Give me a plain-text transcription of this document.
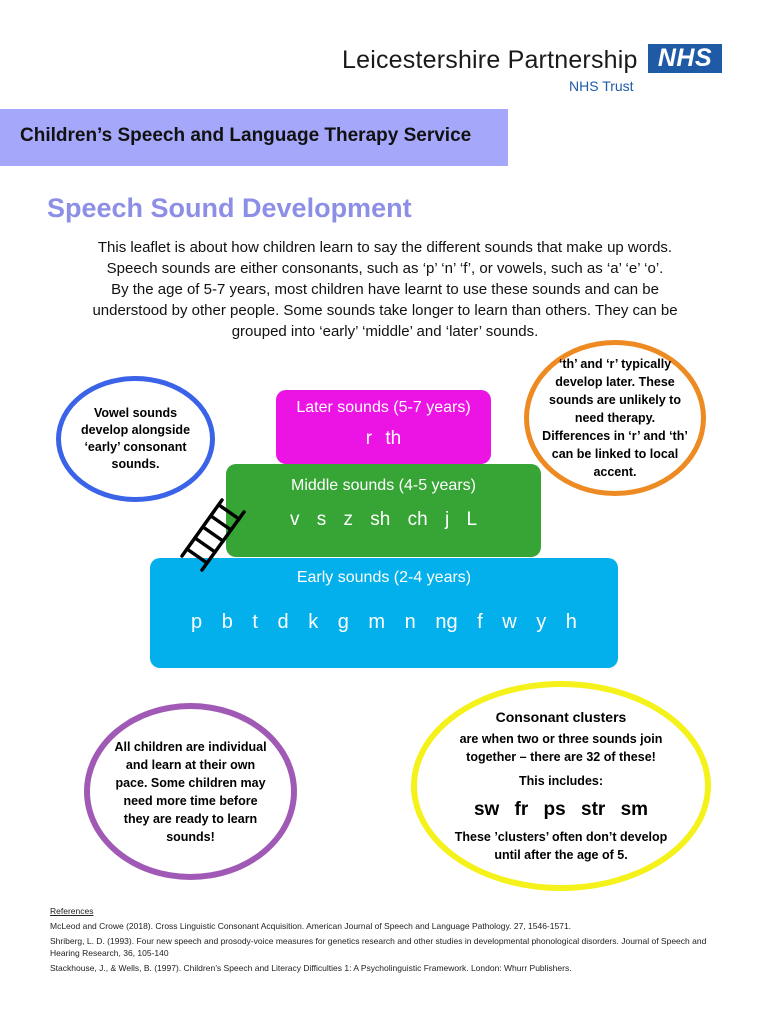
Leicestershire Partnership
NHS Trust
NHS
Children’s Speech and Language Therapy Service
Speech Sound Development
This leaflet is about how children learn to say the different sounds that make up words.
Speech sounds are either consonants, such as ‘p’ ‘n’ ‘f’, or vowels, such as ‘a’ ‘e’ ‘o’.
By the age of 5-7 years, most children have learnt to use these sounds and can be
understood by other people. Some sounds take longer to learn than others. They can be
grouped into ‘early’ ‘middle’ and ‘later’ sounds.
Vowel sounds develop alongside ‘early’ consonant sounds.
‘th’ and ‘r’ typically develop later. These sounds are unlikely to need therapy. Differences in ‘r’ and ‘th’ can be linked to local accent.
Early sounds (2-4 years)
p b t d k g m n ng f w y h
Middle sounds (4-5 years)
v s z sh ch j L
Later sounds (5-7 years)
r th
All children are individual and learn at their own pace. Some children may need more time before they are ready to learn sounds!
Consonant clusters
are when two or three sounds join together – there are 32 of these!
This includes:
sw fr ps str sm
These ’clusters’ often don’t develop until after the age of 5.
References
McLeod and Crowe (2018). Cross Linguistic Consonant Acquisition. American Journal of Speech and Language Pathology. 27, 1546-1571.
Shriberg, L. D. (1993). Four new speech and prosody-voice measures for genetics research and other studies in developmental phonological disorders. Journal of Speech and Hearing Research, 36, 105-140
Stackhouse, J., & Wells, B. (1997). Children’s Speech and Literacy Difficulties 1: A Psycholinguistic Framework. London: Whurr Publishers.
